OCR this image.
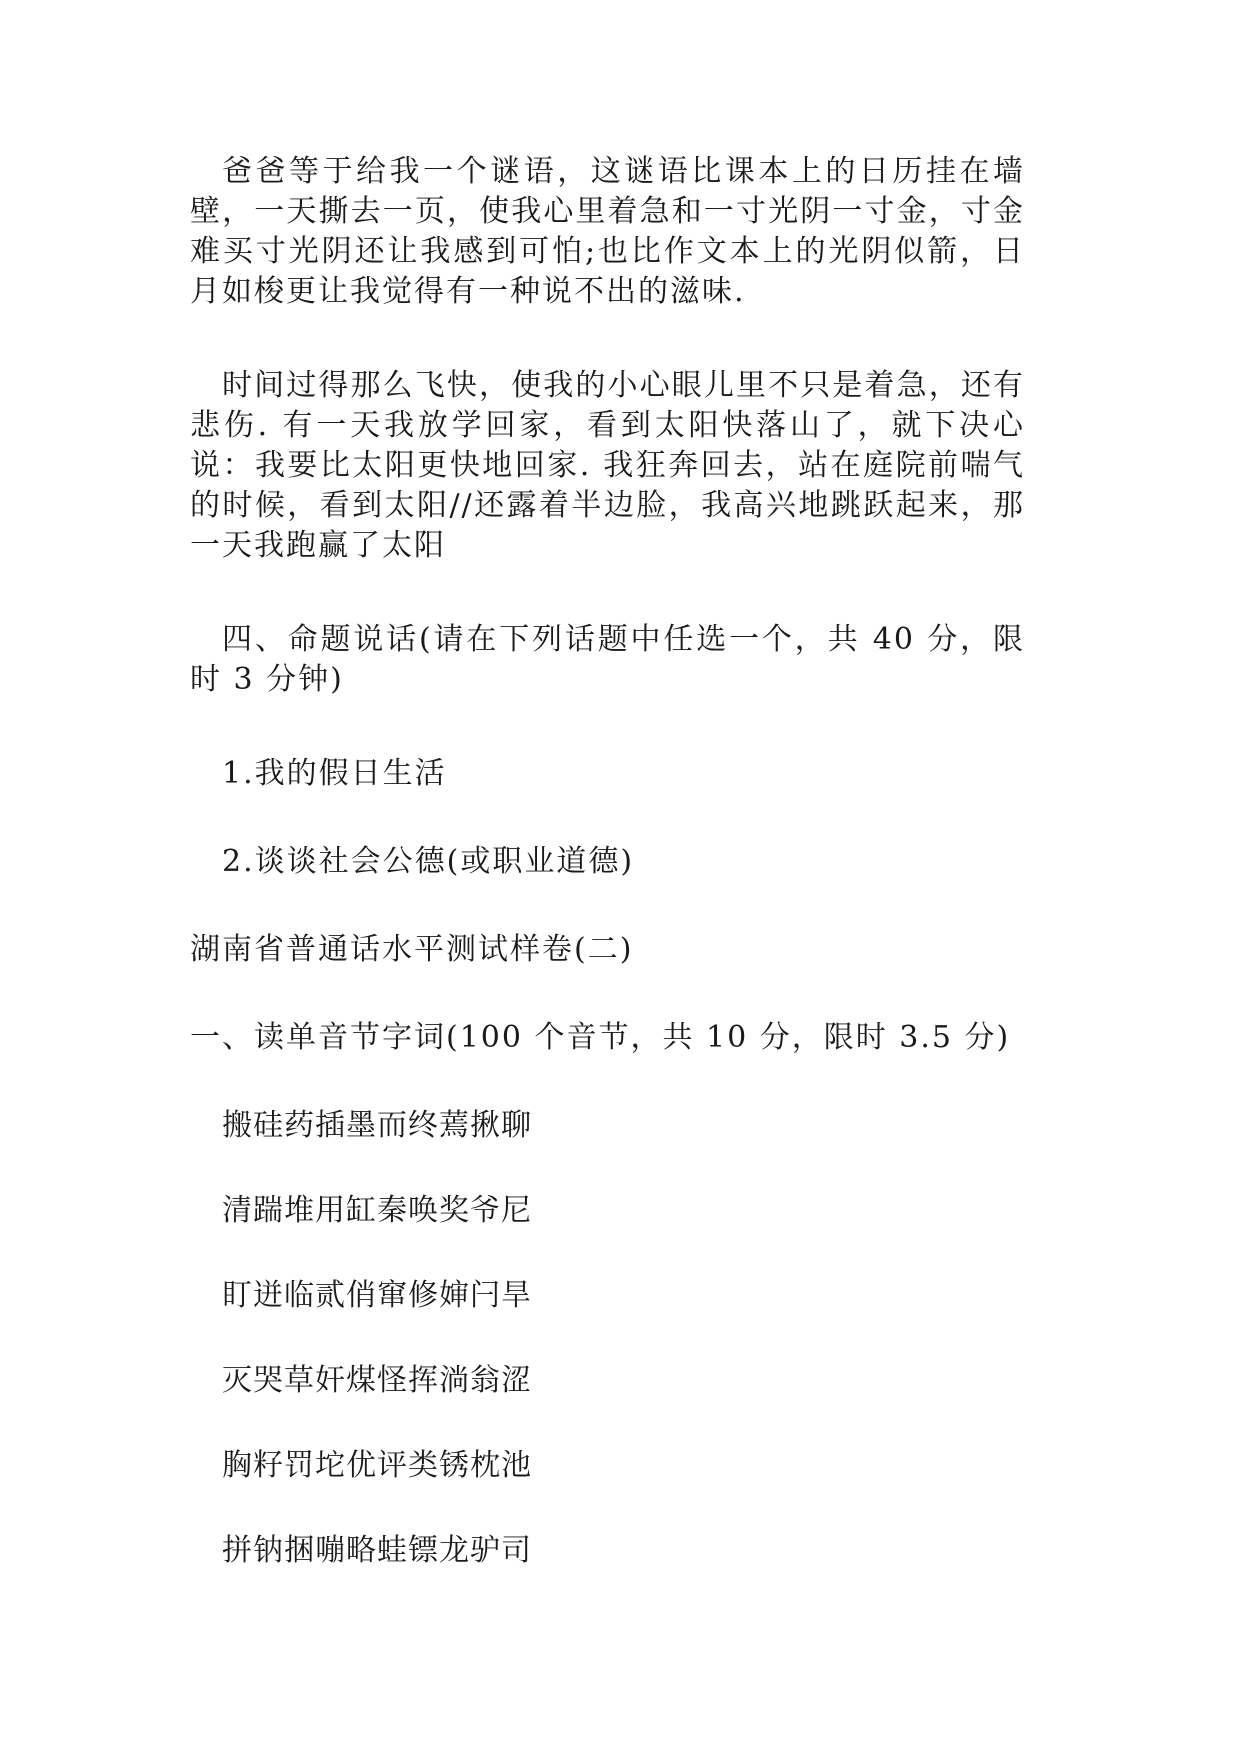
爸爸等于给我一个谜语，这谜语比课本上的日历挂在墙壁，一天撕去一页，使我心里着急和一寸光阴一寸金，寸金难买寸光阴还让我感到可怕;也比作文本上的光阴似箭，日月如梭更让我觉得有一种说不出的滋味.

时间过得那么飞快，使我的小心眼儿里不只是着急，还有悲伤. 有一天我放学回家，看到太阳快落山了，就下决心说：我要比太阳更快地回家. 我狂奔回去，站在庭院前喘气的时候，看到太阳//还露着半边脸，我高兴地跳跃起来，那一天我跑赢了太阳

四、命题说话(请在下列话题中任选一个，共 40 分，限时 3 分钟)

1.我的假日生活

2.谈谈社会公德(或职业道德)

湖南省普通话水平测试样卷(二)

一、读单音节字词(100 个音节，共 10 分，限时 3.5 分)

搬硅药插墨而终蔫揪聊

清踹堆用缸秦唤奖爷尼

盯迸临贰俏窜修婶闩旱

灭哭草奸煤怪挥淌翁涩

胸籽罚坨优评类锈枕池

拼钠捆嘣略蛙镖龙驴司
